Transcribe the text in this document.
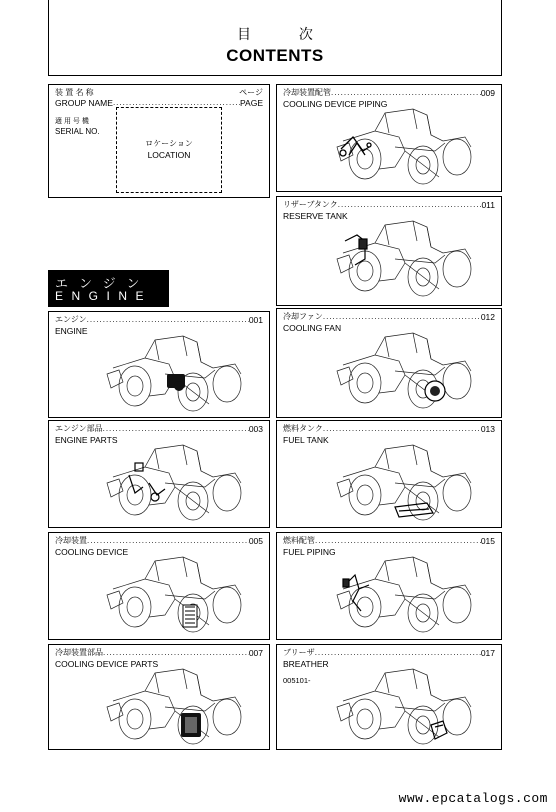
目 次
CONTENTS
装 置 名 称	ページ
GROUP NAME .....	PAGE
適 用 号 機
SERIAL NO.
ロケーション
LOCATION
エンジン
ENGINE
エンジン .....	001
ENGINE
エンジン部品 .....	003
ENGINE PARTS
冷却装置 .....	005
COOLING DEVICE
冷却装置部品 .....	007
COOLING DEVICE PARTS
冷却装置配管 .....	009
COOLING DEVICE PIPING
リザーブタンク .....	011
RESERVE TANK
冷却ファン .....	012
COOLING FAN
燃料タンク .....	013
FUEL TANK
燃料配管 .....	015
FUEL PIPING
ブリーザ .....	017
BREATHER
005101-
www.epcatalogs.com
